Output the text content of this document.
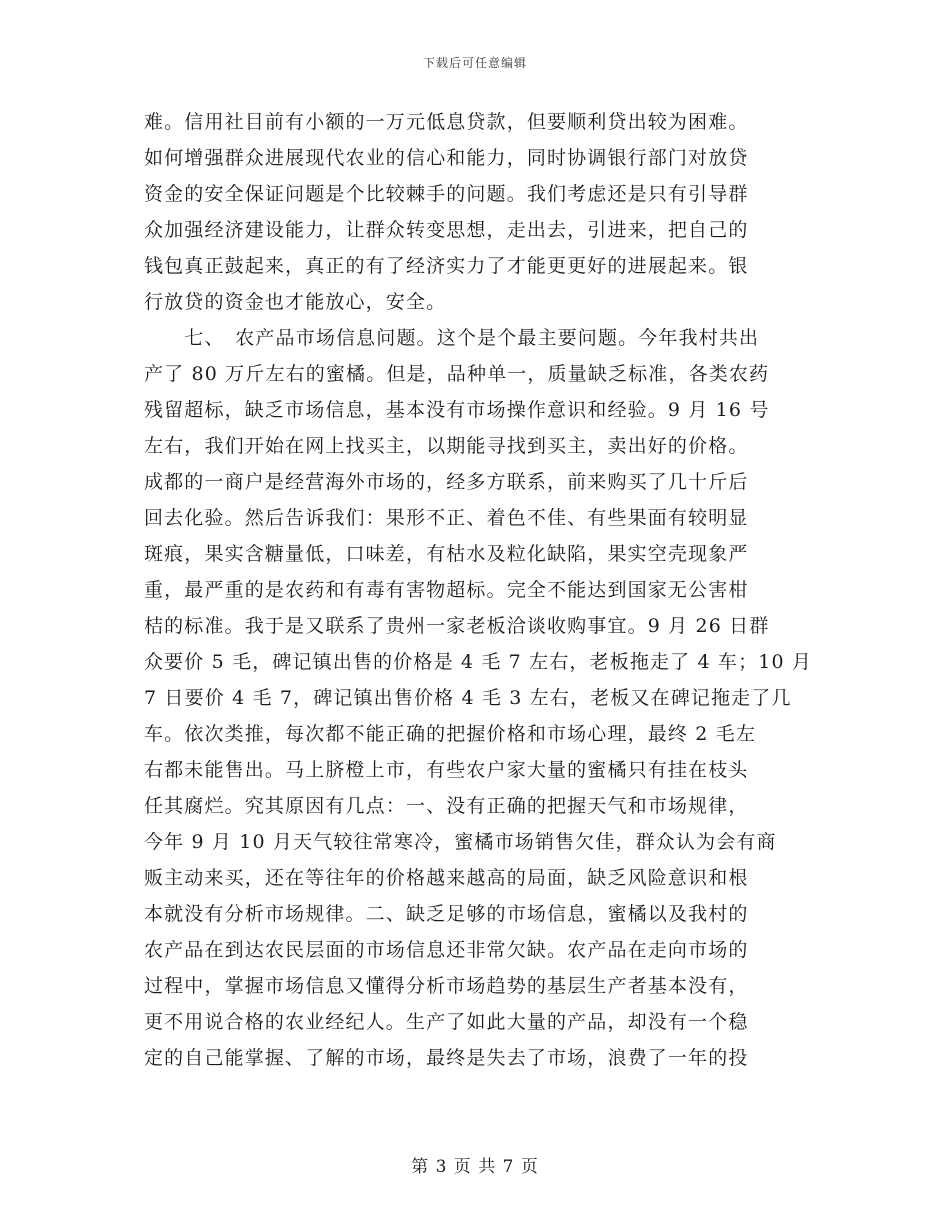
下载后可任意编辑
难。信用社目前有小额的一万元低息贷款，但要顺利贷出较为困难。
如何增强群众进展现代农业的信心和能力，同时协调银行部门对放贷
资金的安全保证问题是个比较棘手的问题。我们考虑还是只有引导群
众加强经济建设能力，让群众转变思想，走出去，引进来，把自己的
钱包真正鼓起来，真正的有了经济实力了才能更更好的进展起来。银
行放贷的资金也才能放心，安全。
　　七、　农产品市场信息问题。这个是个最主要问题。今年我村共出
产了 80 万斤左右的蜜橘。但是，品种单一，质量缺乏标准，各类农药
残留超标，缺乏市场信息，基本没有市场操作意识和经验。9 月 16 号
左右，我们开始在网上找买主，以期能寻找到买主，卖出好的价格。
成都的一商户是经营海外市场的，经多方联系，前来购买了几十斤后
回去化验。然后告诉我们：果形不正、着色不佳、有些果面有较明显
斑痕，果实含糖量低，口味差，有枯水及粒化缺陷，果实空壳现象严
重，最严重的是农药和有毒有害物超标。完全不能达到国家无公害柑
桔的标准。我于是又联系了贵州一家老板洽谈收购事宜。9 月 26 日群
众要价 5 毛，碑记镇出售的价格是 4 毛 7 左右，老板拖走了 4 车；10 月
7 日要价 4 毛 7，碑记镇出售价格 4 毛 3 左右，老板又在碑记拖走了几
车。依次类推，每次都不能正确的把握价格和市场心理，最终 2 毛左
右都未能售出。马上脐橙上市，有些农户家大量的蜜橘只有挂在枝头
任其腐烂。究其原因有几点：一、没有正确的把握天气和市场规律，
今年 9 月 10 月天气较往常寒冷，蜜橘市场销售欠佳，群众认为会有商
贩主动来买，还在等往年的价格越来越高的局面，缺乏风险意识和根
本就没有分析市场规律。二、缺乏足够的市场信息，蜜橘以及我村的
农产品在到达农民层面的市场信息还非常欠缺。农产品在走向市场的
过程中，掌握市场信息又懂得分析市场趋势的基层生产者基本没有，
更不用说合格的农业经纪人。生产了如此大量的产品，却没有一个稳
定的自己能掌握、了解的市场，最终是失去了市场，浪费了一年的投
第 3 页 共 7 页
